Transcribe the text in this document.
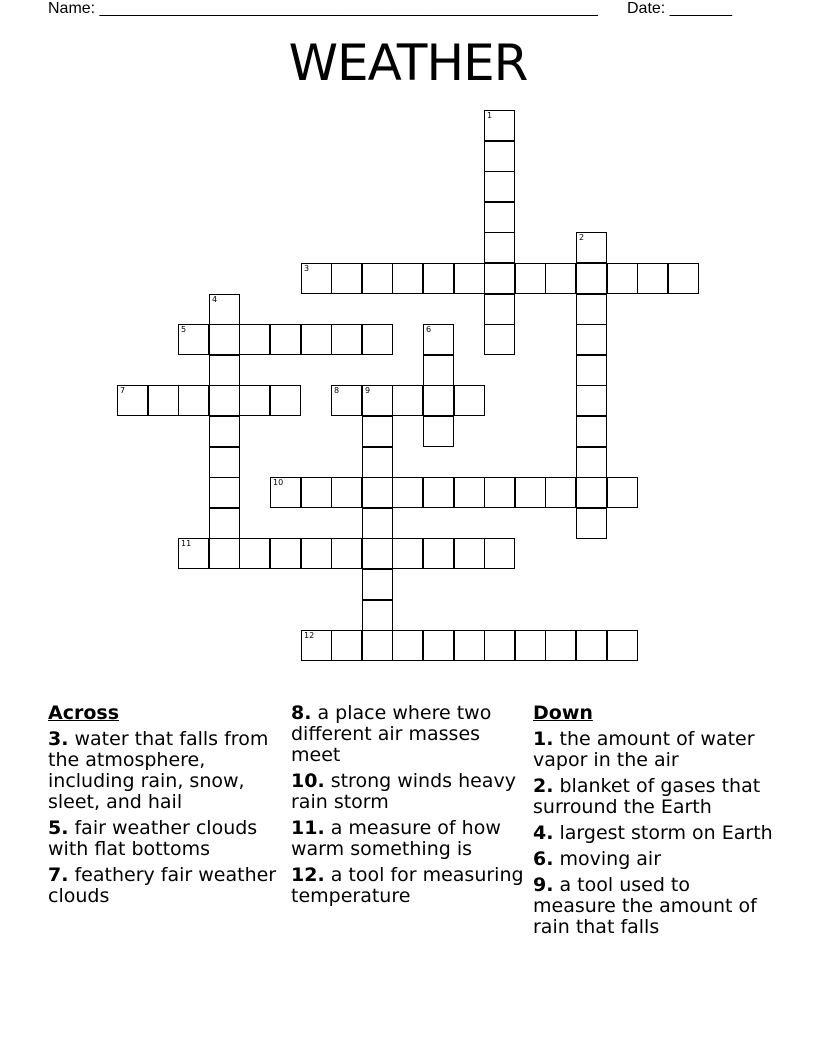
Name: ________________________________________________________ Date: _______
WEATHER
1
2
3
4
5	6
7	8	9
10
11
12
Across
3. water that falls from the atmosphere, including rain, snow, sleet, and hail
5. fair weather clouds with flat bottoms
7. feathery fair weather clouds
8. a place where two different air masses meet
10. strong winds heavy rain storm
11. a measure of how warm something is
12. a tool for measuring temperature
Down
1. the amount of water vapor in the air
2. blanket of gases that surround the Earth
4. largest storm on Earth
6. moving air
9. a tool used to measure the amount of rain that falls
